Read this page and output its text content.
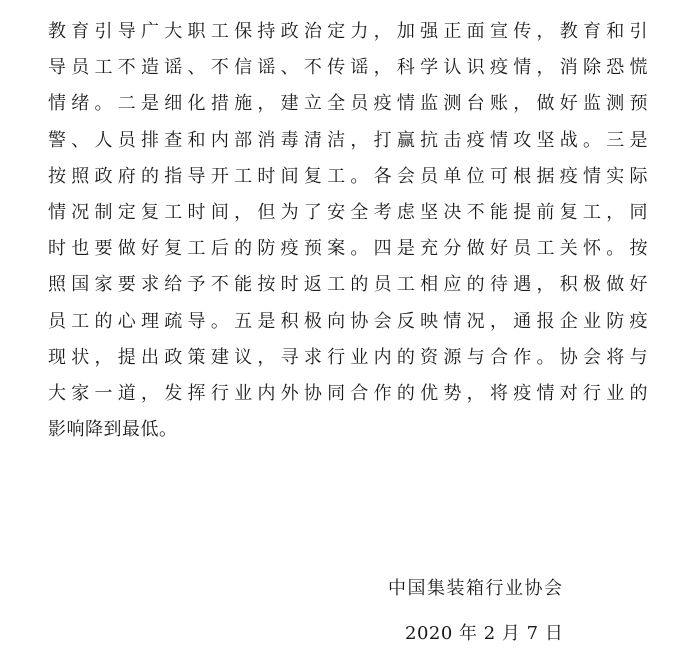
教育引导广大职工保持政治定力，加强正面宣传，教育和引
导员工不造谣、不信谣、不传谣，科学认识疫情，消除恐慌
情绪。二是细化措施，建立全员疫情监测台账，做好监测预
警、人员排查和内部消毒清洁，打赢抗击疫情攻坚战。三是
按照政府的指导开工时间复工。各会员单位可根据疫情实际
情况制定复工时间，但为了安全考虑坚决不能提前复工，同
时也要做好复工后的防疫预案。四是充分做好员工关怀。按
照国家要求给予不能按时返工的员工相应的待遇，积极做好
员工的心理疏导。五是积极向协会反映情况，通报企业防疫
现状，提出政策建议，寻求行业内的资源与合作。协会将与
大家一道，发挥行业内外协同合作的优势，将疫情对行业的
影响降到最低。
中国集装箱行业协会
2020 年 2 月 7 日
